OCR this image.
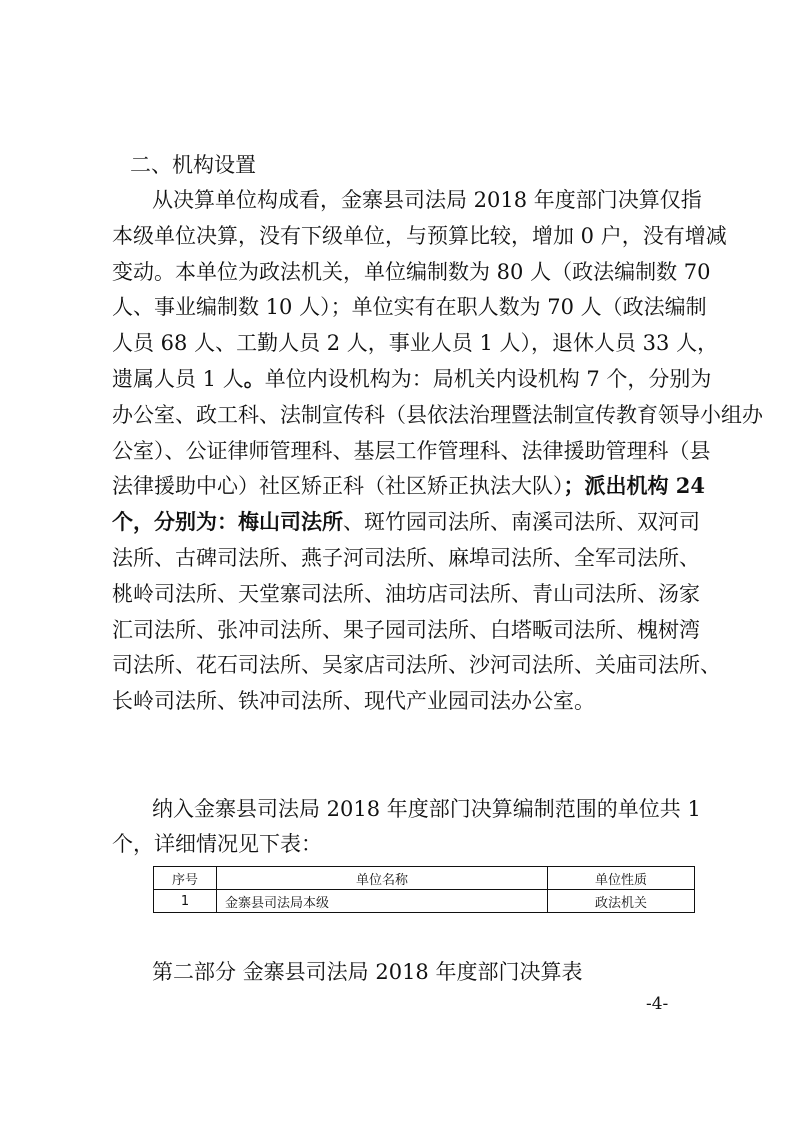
二、机构设置
从决算单位构成看，金寨县司法局 2018 年度部门决算仅指
本级单位决算，没有下级单位，与预算比较，增加 0 户，没有增减
变动。本单位为政法机关，单位编制数为 80 人（政法编制数 70
人、事业编制数 10 人）；单位实有在职人数为 70 人（政法编制
人员 68 人、工勤人员 2 人，事业人员 1 人），退休人员 33 人，
遗属人员 1 人。单位内设机构为：局机关内设机构 7 个，分别为
办公室、政工科、法制宣传科（县依法治理暨法制宣传教育领导小组办
公室）、公证律师管理科、基层工作管理科、法律援助管理科（县
法律援助中心）社区矫正科（社区矫正执法大队）；派出机构 24
个，分别为：梅山司法所、斑竹园司法所、南溪司法所、双河司
法所、古碑司法所、燕子河司法所、麻埠司法所、全军司法所、
桃岭司法所、天堂寨司法所、油坊店司法所、青山司法所、汤家
汇司法所、张冲司法所、果子园司法所、白塔畈司法所、槐树湾
司法所、花石司法所、吴家店司法所、沙河司法所、关庙司法所、
长岭司法所、铁冲司法所、现代产业园司法办公室。
纳入金寨县司法局 2018 年度部门决算编制范围的单位共 1
个，详细情况见下表：
序号	单位名称	单位性质
1	金寨县司法局本级	政法机关
第二部分 金寨县司法局 2018 年度部门决算表
-4-
